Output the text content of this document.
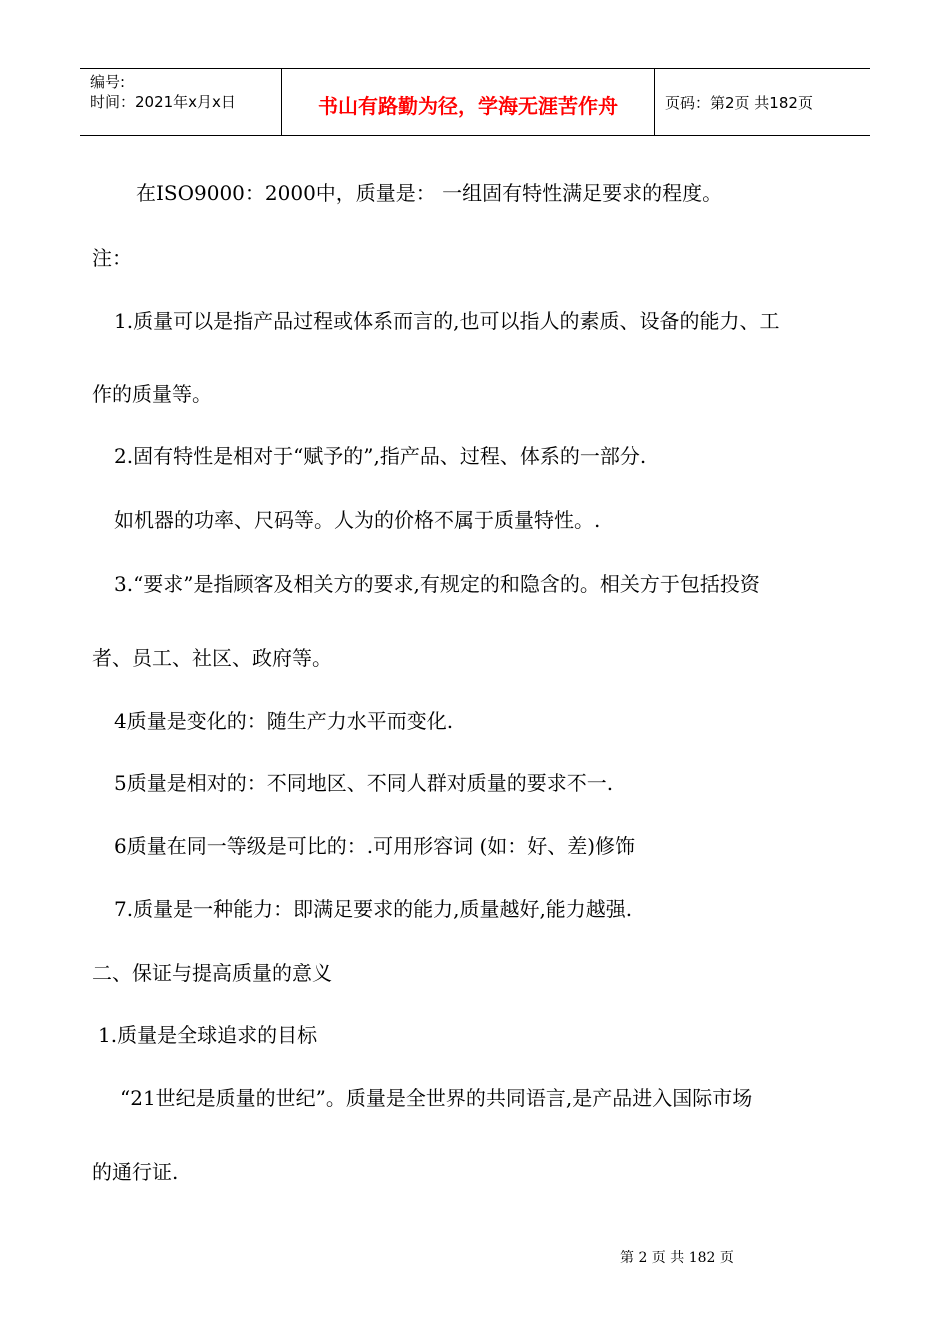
编号:
时间：2021年x月x日	书山有路勤为径，学海无涯苦作舟	页码：第2页 共182页
在ISO9000：2000中，质量是： 一组固有特性满足要求的程度。
注：
1.质量可以是指产品过程或体系而言的,也可以指人的素质、设备的能力、工
作的质量等。
2.固有特性是相对于“赋予的”,指产品、过程、体系的一部分.
如机器的功率、尺码等。人为的价格不属于质量特性。.
3.“要求”是指顾客及相关方的要求,有规定的和隐含的。相关方于包括投资
者、员工、社区、政府等。
4质量是变化的：随生产力水平而变化.
5质量是相对的：不同地区、不同人群对质量的要求不一.
6质量在同一等级是可比的：.可用形容词 (如：好、差)修饰
7.质量是一种能力：即满足要求的能力,质量越好,能力越强.
二、保证与提高质量的意义
1.质量是全球追求的目标
“21世纪是质量的世纪”。质量是全世界的共同语言,是产品进入国际市场
的通行证.
第 2 页 共 182 页
